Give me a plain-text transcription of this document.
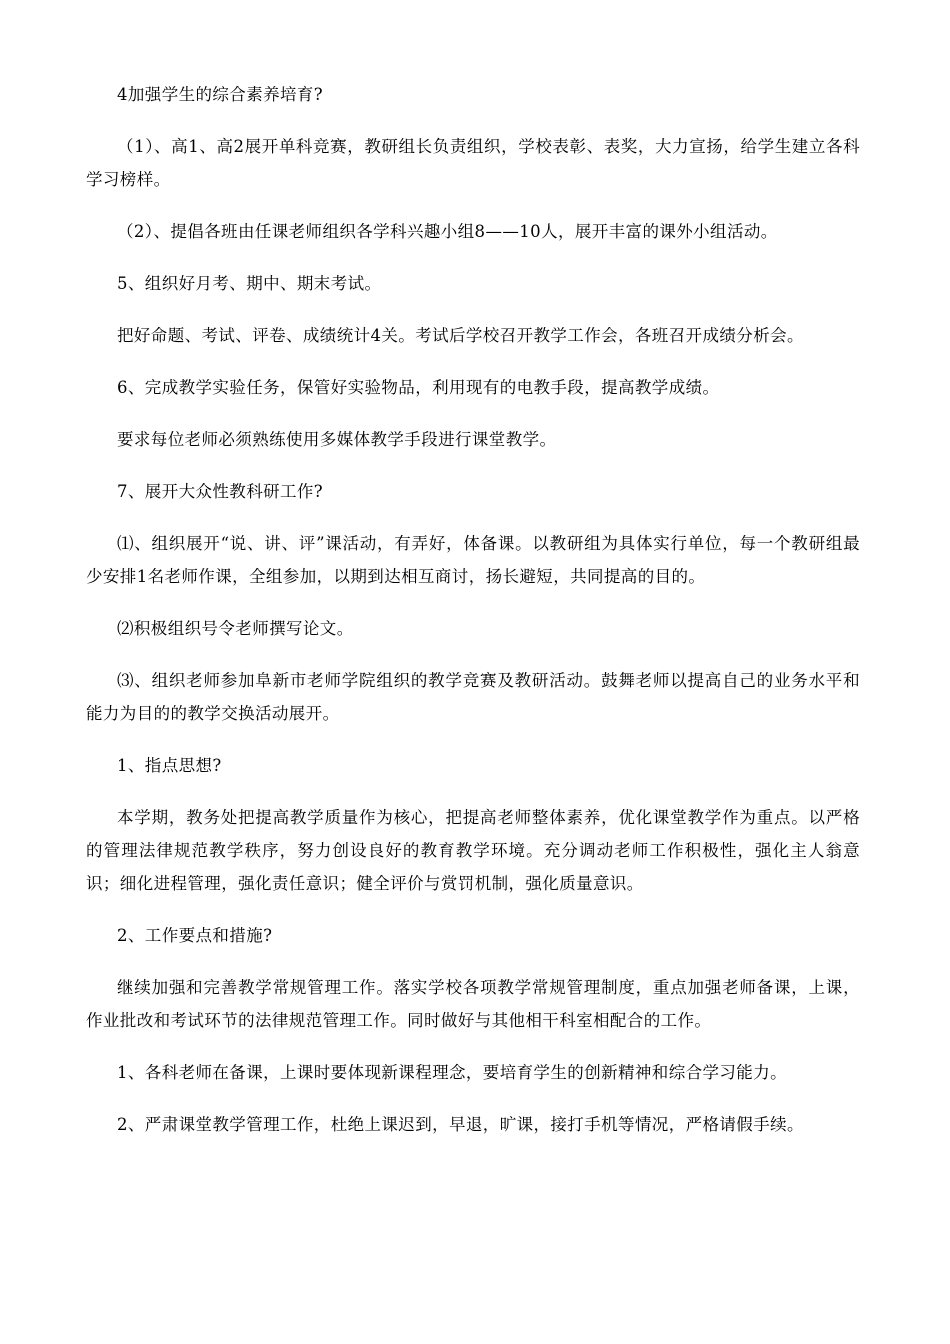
4加强学生的综合素养培育?

（1）、高1、高2展开单科竞赛，教研组长负责组织，学校表彰、表奖，大力宣扬，给学生建立各科学习榜样。

（2）、提倡各班由任课老师组织各学科兴趣小组8——10人，展开丰富的课外小组活动。

5、组织好月考、期中、期末考试。

把好命题、考试、评卷、成绩统计4关。考试后学校召开教学工作会，各班召开成绩分析会。

6、完成教学实验任务，保管好实验物品，利用现有的电教手段，提高教学成绩。

要求每位老师必须熟练使用多媒体教学手段进行课堂教学。

7、展开大众性教科研工作?

⑴、组织展开“说、讲、评”课活动，有弄好，体备课。以教研组为具体实行单位，每一个教研组最少安排1名老师作课，全组参加，以期到达相互商讨，扬长避短，共同提高的目的。

⑵积极组织号令老师撰写论文。

⑶、组织老师参加阜新市老师学院组织的教学竞赛及教研活动。鼓舞老师以提高自己的业务水平和能力为目的的教学交换活动展开。

1、指点思想?

本学期，教务处把提高教学质量作为核心，把提高老师整体素养，优化课堂教学作为重点。以严格的管理法律规范教学秩序，努力创设良好的教育教学环境。充分调动老师工作积极性，强化主人翁意识；细化进程管理，强化责任意识；健全评价与赏罚机制，强化质量意识。

2、工作要点和措施?

继续加强和完善教学常规管理工作。落实学校各项教学常规管理制度，重点加强老师备课，上课，作业批改和考试环节的法律规范管理工作。同时做好与其他相干科室相配合的工作。

1、各科老师在备课，上课时要体现新课程理念，要培育学生的创新精神和综合学习能力。

2、严肃课堂教学管理工作，杜绝上课迟到，早退，旷课，接打手机等情况，严格请假手续。
